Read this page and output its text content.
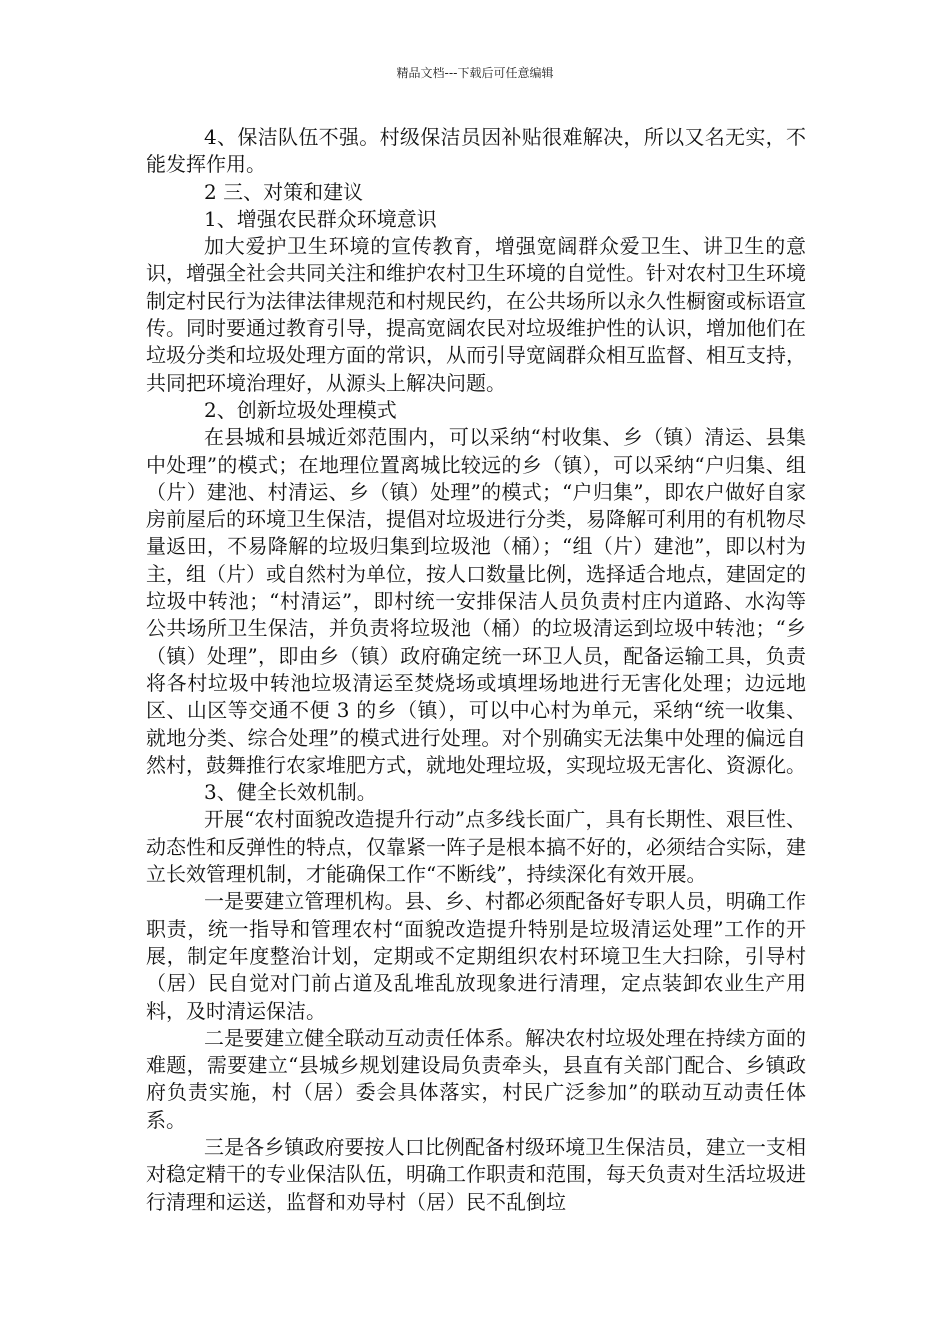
精品文档---下载后可任意编辑

4、保洁队伍不强。村级保洁员因补贴很难解决，所以又名无实，不能发挥作用。

2 三、对策和建议

1、增强农民群众环境意识

加大爱护卫生环境的宣传教育，增强宽阔群众爱卫生、讲卫生的意识，增强全社会共同关注和维护农村卫生环境的自觉性。针对农村卫生环境制定村民行为法律法律规范和村规民约，在公共场所以永久性橱窗或标语宣传。同时要通过教育引导，提高宽阔农民对垃圾维护性的认识，增加他们在垃圾分类和垃圾处理方面的常识，从而引导宽阔群众相互监督、相互支持，共同把环境治理好，从源头上解决问题。

2、创新垃圾处理模式

在县城和县城近郊范围内，可以采纳“村收集、乡（镇）清运、县集中处理”的模式；在地理位置离城比较远的乡（镇），可以采纳“户归集、组（片）建池、村清运、乡（镇）处理”的模式；“户归集”，即农户做好自家房前屋后的环境卫生保洁，提倡对垃圾进行分类，易降解可利用的有机物尽量返田，不易降解的垃圾归集到垃圾池（桶）；“组（片）建池”，即以村为主，组（片）或自然村为单位，按人口数量比例，选择适合地点，建固定的垃圾中转池；“村清运”，即村统一安排保洁人员负责村庄内道路、水沟等公共场所卫生保洁，并负责将垃圾池（桶）的垃圾清运到垃圾中转池；“乡（镇）处理”，即由乡（镇）政府确定统一环卫人员，配备运输工具，负责将各村垃圾中转池垃圾清运至焚烧场或填埋场地进行无害化处理；边远地区、山区等交通不便 3 的乡（镇），可以中心村为单元，采纳“统一收集、就地分类、综合处理”的模式进行处理。对个别确实无法集中处理的偏远自然村，鼓舞推行农家堆肥方式，就地处理垃圾，实现垃圾无害化、资源化。

3、健全长效机制。

开展“农村面貌改造提升行动”点多线长面广，具有长期性、艰巨性、动态性和反弹性的特点，仅靠紧一阵子是根本搞不好的，必须结合实际，建立长效管理机制，才能确保工作“不断线”，持续深化有效开展。

一是要建立管理机构。县、乡、村都必须配备好专职人员，明确工作职责，统一指导和管理农村“面貌改造提升特别是垃圾清运处理”工作的开展，制定年度整治计划，定期或不定期组织农村环境卫生大扫除，引导村（居）民自觉对门前占道及乱堆乱放现象进行清理，定点装卸农业生产用料，及时清运保洁。

二是要建立健全联动互动责任体系。解决农村垃圾处理在持续方面的难题，需要建立“县城乡规划建设局负责牵头，县直有关部门配合、乡镇政府负责实施，村（居）委会具体落实，村民广泛参加”的联动互动责任体系。

三是各乡镇政府要按人口比例配备村级环境卫生保洁员，建立一支相对稳定精干的专业保洁队伍，明确工作职责和范围，每天负责对生活垃圾进行清理和运送，监督和劝导村（居）民不乱倒垃
